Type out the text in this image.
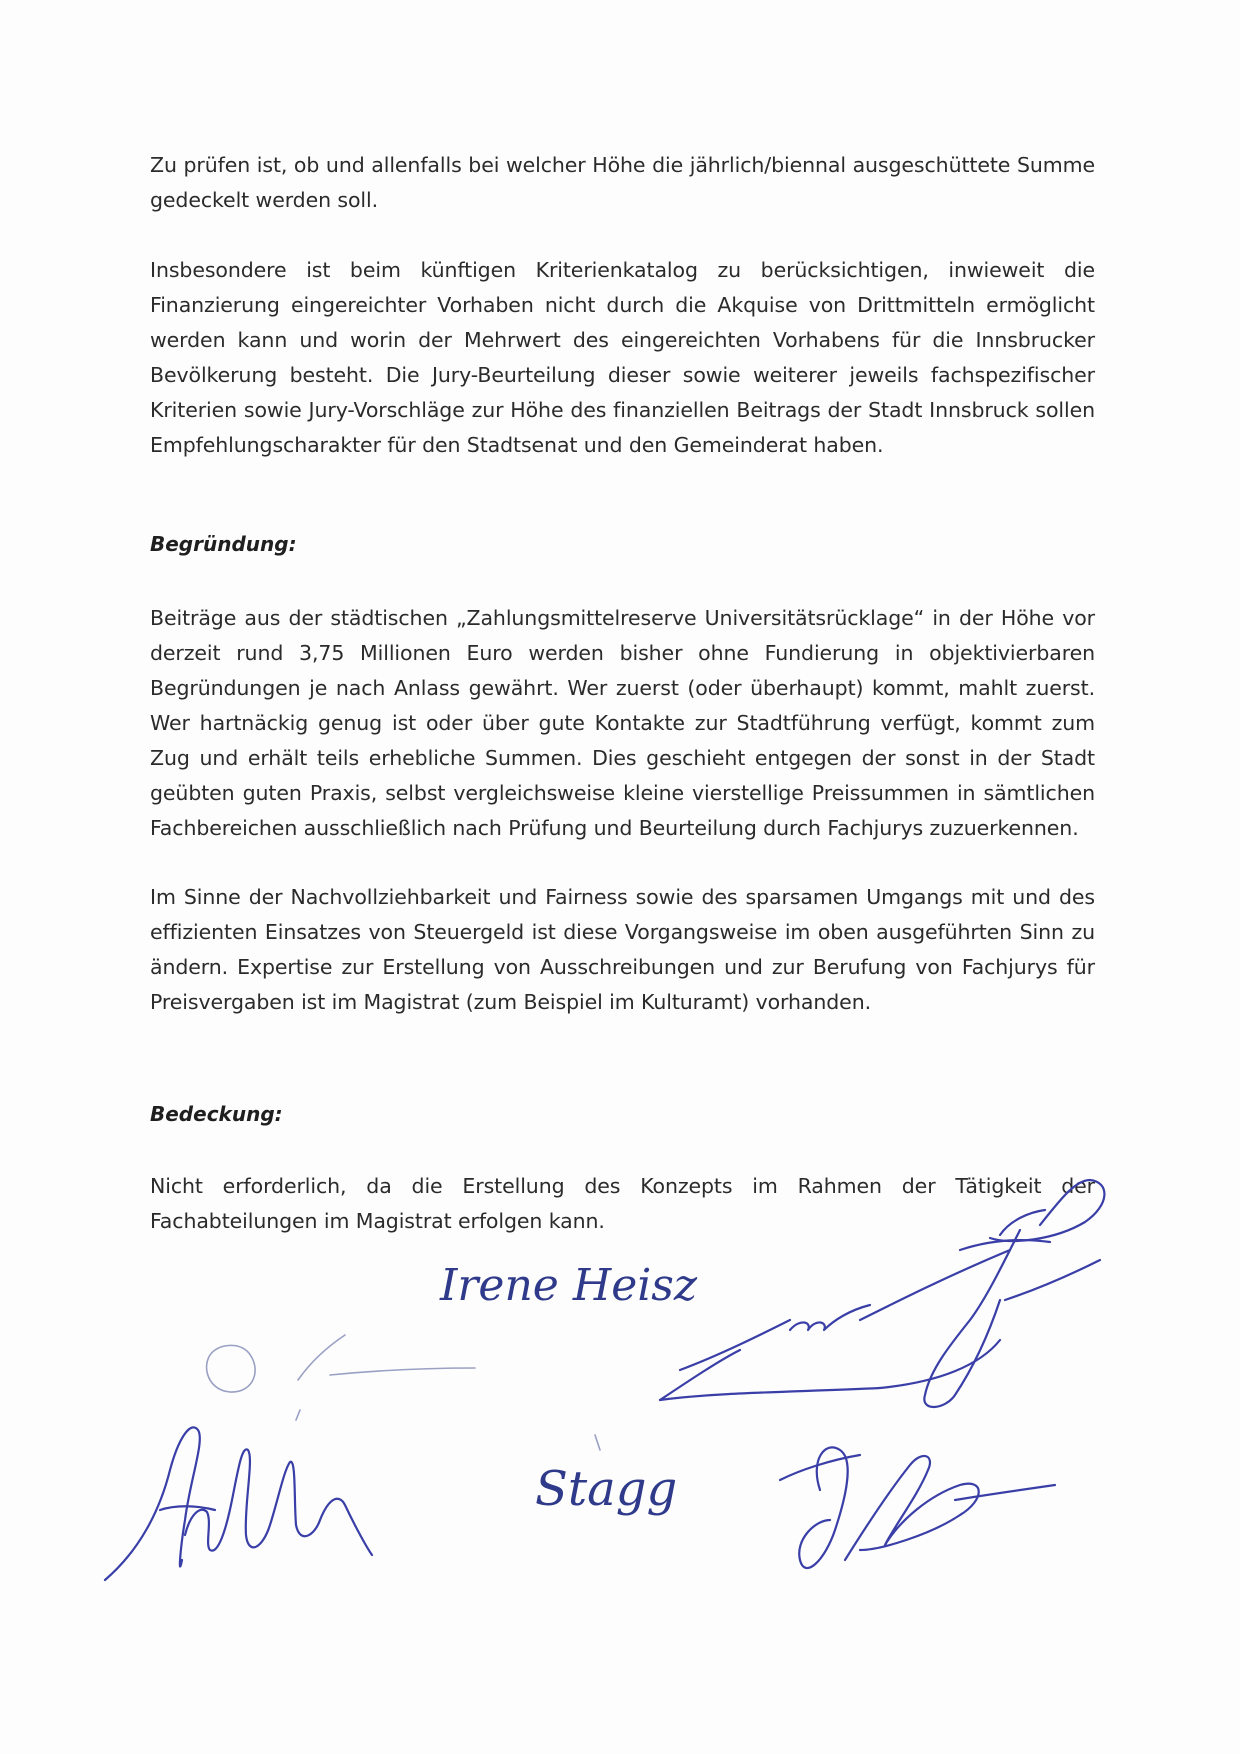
Zu prüfen ist, ob und allenfalls bei welcher Höhe die jährlich/biennal ausgeschüttete Summe gedeckelt werden soll.

Insbesondere ist beim künftigen Kriterienkatalog zu berücksichtigen, inwieweit die Finanzierung eingereichter Vorhaben nicht durch die Akquise von Drittmitteln ermöglicht werden kann und worin der Mehrwert des eingereichten Vorhabens für die Innsbrucker Bevölkerung besteht. Die Jury-Beurteilung dieser sowie weiterer jeweils fachspezifischer Kriterien sowie Jury-Vorschläge zur Höhe des finanziellen Beitrags der Stadt Innsbruck sollen Empfehlungscharakter für den Stadtsenat und den Gemeinderat haben.

Begründung:

Beiträge aus der städtischen „Zahlungsmittelreserve Universitätsrücklage“ in der Höhe vor derzeit rund 3,75 Millionen Euro werden bisher ohne Fundierung in objektivierbaren Begründungen je nach Anlass gewährt. Wer zuerst (oder überhaupt) kommt, mahlt zuerst. Wer hartnäckig genug ist oder über gute Kontakte zur Stadtführung verfügt, kommt zum Zug und erhält teils erhebliche Summen. Dies geschieht entgegen der sonst in der Stadt geübten guten Praxis, selbst vergleichsweise kleine vierstellige Preissummen in sämtlichen Fachbereichen ausschließlich nach Prüfung und Beurteilung durch Fachjurys zuzuerkennen.

Im Sinne der Nachvollziehbarkeit und Fairness sowie des sparsamen Umgangs mit und des effizienten Einsatzes von Steuergeld ist diese Vorgangsweise im oben ausgeführten Sinn zu ändern. Expertise zur Erstellung von Ausschreibungen und zur Berufung von Fachjurys für Preisvergaben ist im Magistrat (zum Beispiel im Kulturamt) vorhanden.

Bedeckung:

Nicht erforderlich, da die Erstellung des Konzepts im Rahmen der Tätigkeit der Fachabteilungen im Magistrat erfolgen kann.

Irene Heisz
Stagg
